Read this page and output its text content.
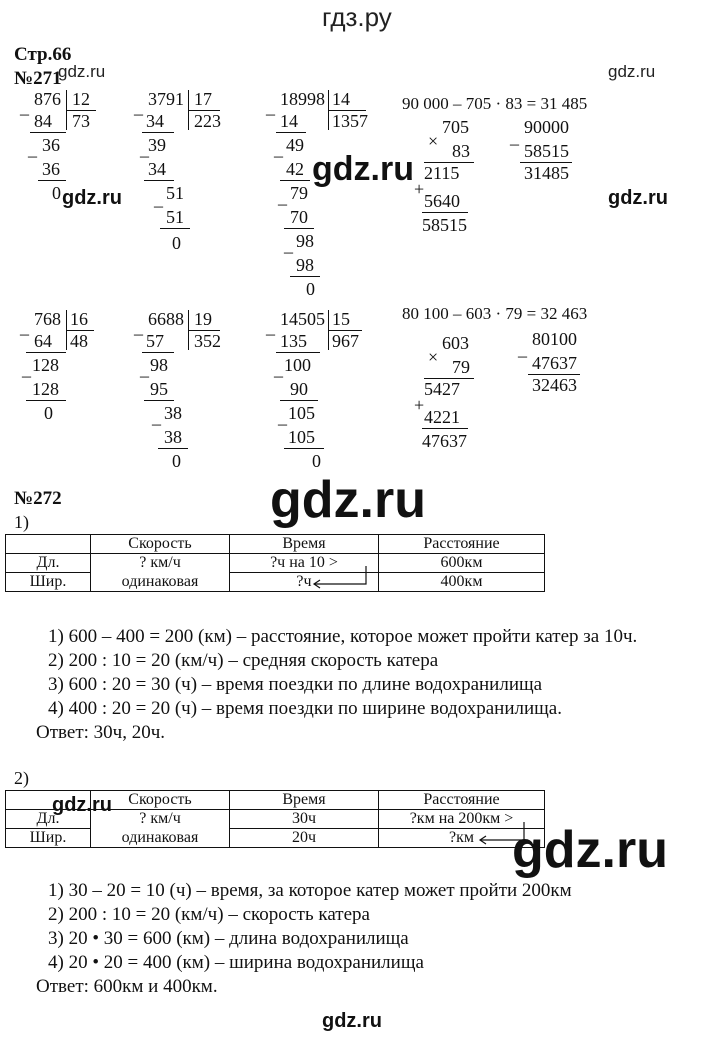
гдз.ру
Стр.66
№271
gdz.ru	gdz.ru
gdz.ru
gdz.ru
gdz.ru
gdz.ru
gdz.ru
gdz.ru
gdz.ru
_ 876 12
73
84
_ 36
36
0
_ 3791 17
223
34
_ 39
34
_ 51
51
0
_ 18998 14
1357
14
_ 49
42
_ 79
70
_ 98
98
0
90 000 – 705 · 83 = 31 485
705
× 83
2115
+
5640
58515
_ 90000
58515
31485
_ 768 16
48
64
_ 128
128
0
_ 6688 19
352
57
_ 98
95
_ 38
38
0
_ 14505 15
967
135
_ 100
90
_ 105
105
0
80 100 – 603 · 79 = 32 463
603
× 79
5427
+
4221
47637
_ 80100
47637
32463
№272
1)
	Скорость	Время	Расстояние
Дл.	? км/ч	?ч на 10 >	600км
Шир.	одинаковая	?ч	400км
1) 600 – 400 = 200 (км) – расстояние, которое может пройти катер за 10ч.
2) 200 : 10 = 20 (км/ч) – средняя скорость катера
3) 600 : 20 = 30 (ч) – время поездки по длине водохранилища
4) 400 : 20 = 20 (ч) – время поездки по ширине водохранилища.
Ответ: 30ч, 20ч.
2)
	Скорость	Время	Расстояние
Дл.	? км/ч	30ч	?км на 200км >
Шир.	одинаковая	20ч	?км
1) 30 – 20 = 10 (ч) – время, за которое катер может пройти 200км
2) 200 : 10 = 20 (км/ч) – скорость катера
3) 20 • 30 = 600 (км) – длина водохранилища
4) 20 • 20 = 400 (км) – ширина водохранилища
Ответ: 600км и 400км.
